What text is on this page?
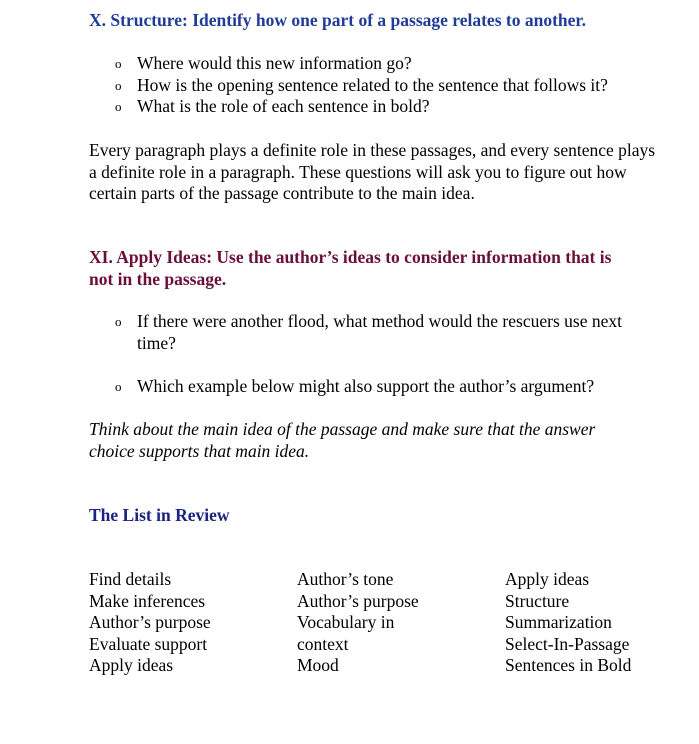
X. Structure: Identify how one part of a passage relates to another.

o Where would this new information go?
o How is the opening sentence related to the sentence that follows it?
o What is the role of each sentence in bold?

Every paragraph plays a definite role in these passages, and every sentence plays a definite role in a paragraph. These questions will ask you to figure out how certain parts of the passage contribute to the main idea.

XI. Apply Ideas: Use the author’s ideas to consider information that is
not in the passage.
o If there were another flood, what method would the rescuers use next
time?
o Which example below might also support the author’s argument?
Think about the main idea of the passage and make sure that the answer
choice supports that main idea.
The List in Review
Find details
Make inferences
Author’s purpose
Evaluate support
Apply ideas
Author’s tone
Author’s purpose
Vocabulary in
context
Mood
Apply ideas
Structure
Summarization
Select-In-Passage
Sentences in Bold
